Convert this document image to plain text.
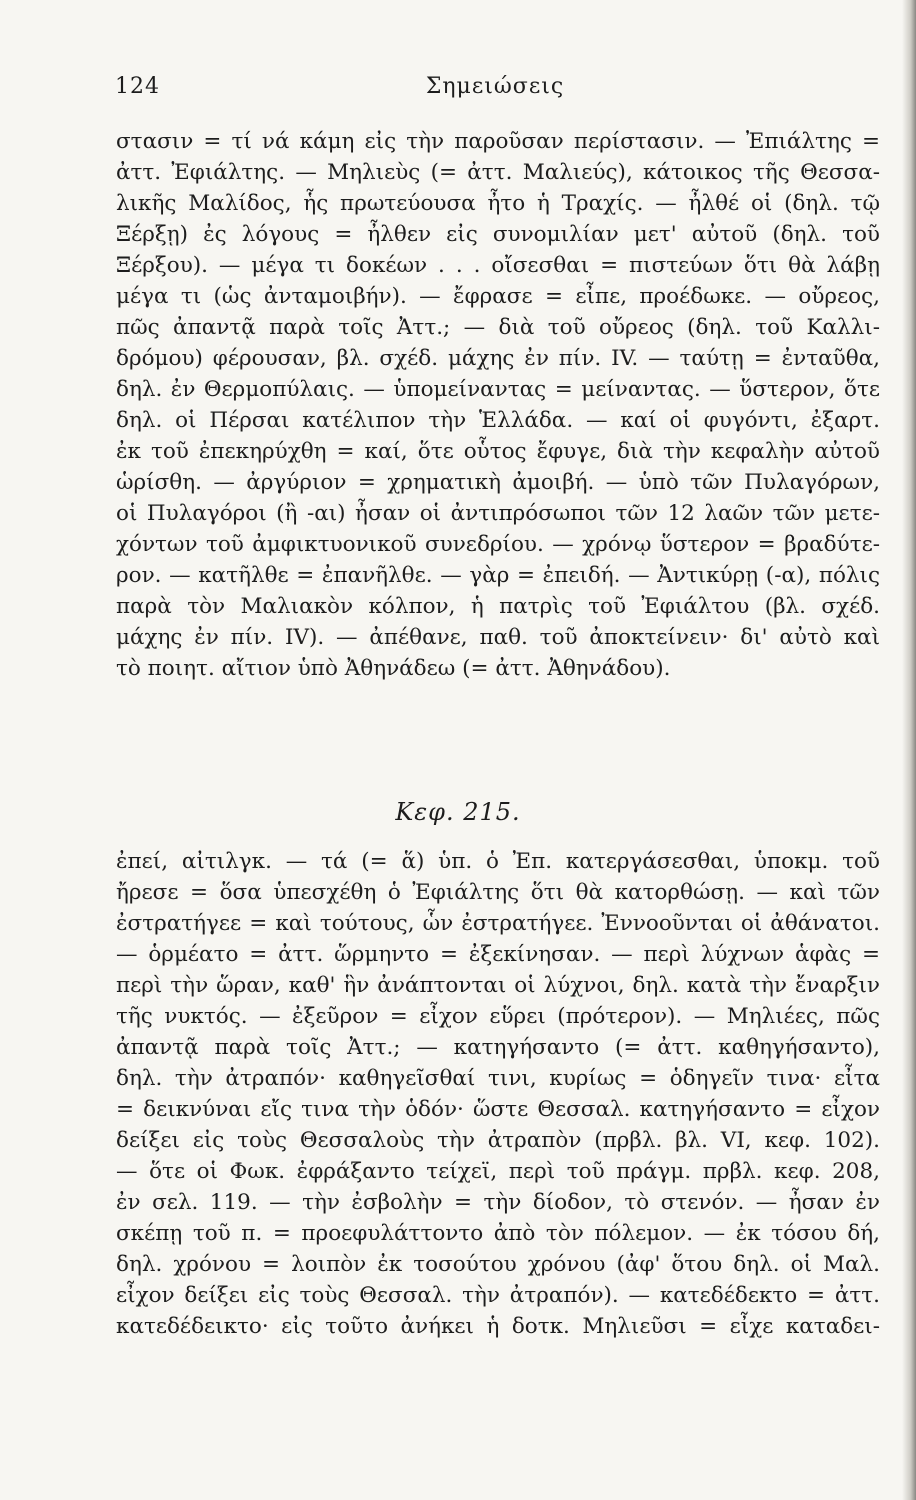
124	Σημειώσεις
στασιν = τί νά κάμη εἰς τὴν παροῦσαν περίστασιν. — Ἐπιάλτης =
ἀττ. Ἐφιάλτης. — Μηλιεὺς (= ἀττ. Μαλιεύς), κάτοικος τῆς Θεσσα-
λικῆς Μαλίδος, ἧς πρωτεύουσα ἦτο ἡ Τραχίς. — ἦλθέ οἱ (δηλ. τῷ
Ξέρξῃ) ἐς λόγους = ἦλθεν εἰς συνομιλίαν μετ' αὐτοῦ (δηλ. τοῦ
Ξέρξου). — μέγα τι δοκέων . . . οἴσεσθαι = πιστεύων ὅτι θὰ λάβῃ
μέγα τι (ὡς ἀνταμοιβήν). — ἔφρασε = εἶπε, προέδωκε. — οὔρεος,
πῶς ἀπαντᾷ παρὰ τοῖς Ἀττ.; — διὰ τοῦ οὔρεος (δηλ. τοῦ Καλλι-
δρόμου) φέρουσαν, βλ. σχέδ. μάχης ἐν πίν. IV. — ταύτῃ = ἐνταῦθα,
δηλ. ἐν Θερμοπύλαις. — ὑπομείναντας = μείναντας. — ὕστερον, ὅτε
δηλ. οἱ Πέρσαι κατέλιπον τὴν Ἑλλάδα. — καί οἱ φυγόντι, ἐξαρτ.
ἐκ τοῦ ἐπεκηρύχθη = καί, ὅτε οὗτος ἔφυγε, διὰ τὴν κεφαλὴν αὐτοῦ
ὡρίσθη. — ἀργύριον = χρηματικὴ ἀμοιβή. — ὑπὸ τῶν Πυλαγόρων,
οἱ Πυλαγόροι (ἢ -αι) ἦσαν οἱ ἀντιπρόσωποι τῶν 12 λαῶν τῶν μετε-
χόντων τοῦ ἀμφικτυονικοῦ συνεδρίου. — χρόνῳ ὕστερον = βραδύτε-
ρον. — κατῆλθε = ἐπανῆλθε. — γὰρ = ἐπειδή. — Ἀντικύρῃ (-α), πόλις
παρὰ τὸν Μαλιακὸν κόλπον, ἡ πατρὶς τοῦ Ἐφιάλτου (βλ. σχέδ.
μάχης ἐν πίν. IV). — ἀπέθανε, παθ. τοῦ ἀποκτείνειν· δι' αὐτὸ καὶ
τὸ ποιητ. αἴτιον ὑπὸ Ἀθηνάδεω (= ἀττ. Ἀθηνάδου).
Κεφ. 215.
ἐπεί, αἰτιλγκ. — τά (= ἅ) ὑπ. ὁ Ἐπ. κατεργάσεσθαι, ὑποκμ. τοῦ
ἤρεσε = ὅσα ὑπεσχέθη ὁ Ἐφιάλτης ὅτι θὰ κατορθώσῃ. — καὶ τῶν
ἐστρατήγεε = καὶ τούτους, ὧν ἐστρατήγεε. Ἐννοοῦνται οἱ ἀθάνατοι.
— ὁρμέατο = ἀττ. ὥρμηντο = ἐξεκίνησαν. — περὶ λύχνων ἁφὰς =
περὶ τὴν ὥραν, καθ' ἣν ἀνάπτονται οἱ λύχνοι, δηλ. κατὰ τὴν ἔναρξιν
τῆς νυκτός. — ἐξεῦρον = εἶχον εὕρει (πρότερον). — Μηλιέες, πῶς
ἀπαντᾷ παρὰ τοῖς Ἀττ.; — κατηγήσαντο (= ἀττ. καθηγήσαντο),
δηλ. τὴν ἀτραπόν· καθηγεῖσθαί τινι, κυρίως = ὁδηγεῖν τινα· εἶτα
= δεικνύναι εἴς τινα τὴν ὁδόν· ὥστε Θεσσαλ. κατηγήσαντο = εἶχον
δείξει εἰς τοὺς Θεσσαλοὺς τὴν ἀτραπὸν (πρβλ. βλ. VI, κεφ. 102).
— ὅτε οἱ Φωκ. ἐφράξαντο τείχεϊ, περὶ τοῦ πράγμ. πρβλ. κεφ. 208,
ἐν σελ. 119. — τὴν ἐσβολὴν = τὴν δίοδον, τὸ στενόν. — ἦσαν ἐν
σκέπῃ τοῦ π. = προεφυλάττοντο ἀπὸ τὸν πόλεμον. — ἐκ τόσου δή,
δηλ. χρόνου = λοιπὸν ἐκ τοσούτου χρόνου (ἀφ' ὅτου δηλ. οἱ Μαλ.
εἶχον δείξει εἰς τοὺς Θεσσαλ. τὴν ἀτραπόν). — κατεδέδεκτο = ἀττ.
κατεδέδεικτο· εἰς τοῦτο ἀνήκει ἡ δοτκ. Μηλιεῦσι = εἶχε καταδει-
